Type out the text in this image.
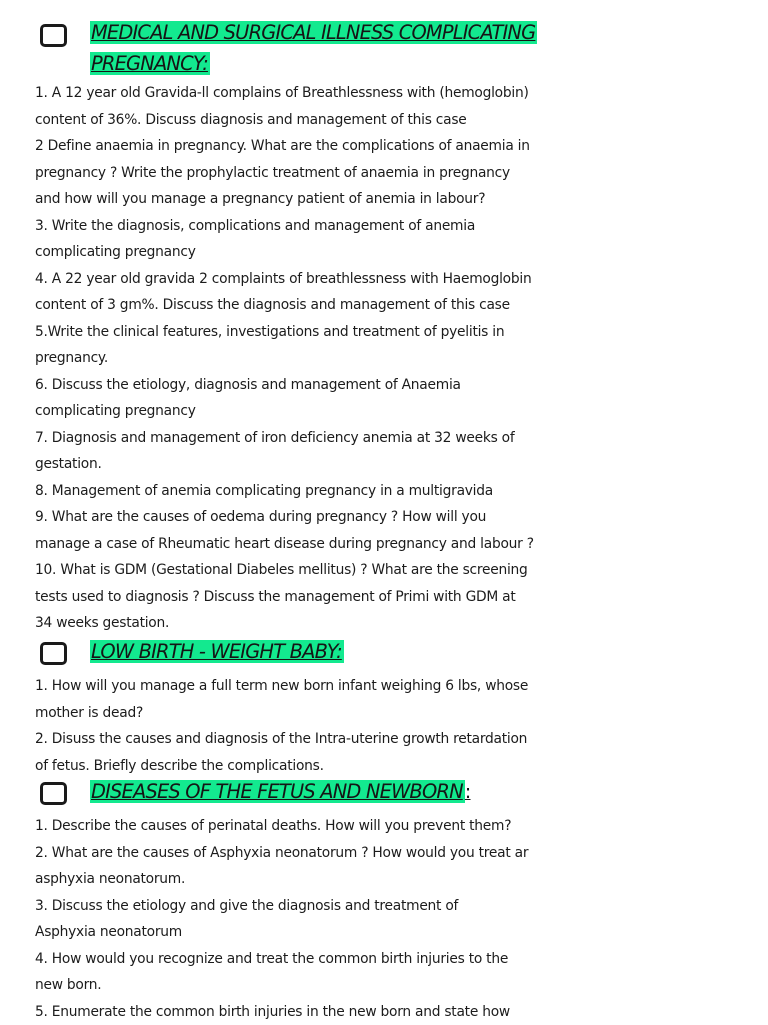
MEDICAL AND SURGICAL ILLNESS COMPLICATING
PREGNANCY:
1. A 12 year old Gravida-ll complains of Breathlessness with (hemoglobin)
content of 36%. Discuss diagnosis and management of this case
2 Define anaemia in pregnancy. What are the complications of anaemia in
pregnancy ? Write the prophylactic treatment of anaemia in pregnancy
and how will you manage a pregnancy patient of anemia in labour?
3. Write the diagnosis, complications and management of anemia
complicating pregnancy
4. A 22 year old gravida 2 complaints of breathlessness with Haemoglobin
content of 3 gm%. Discuss the diagnosis and management of this case
5.Write the clinical features, investigations and treatment of pyelitis in
pregnancy.
6. Discuss the etiology, diagnosis and management of Anaemia
complicating pregnancy
7. Diagnosis and management of iron deficiency anemia at 32 weeks of
gestation.
8. Management of anemia complicating pregnancy in a multigravida
9. What are the causes of oedema during pregnancy ? How will you
manage a case of Rheumatic heart disease during pregnancy and labour ?
10. What is GDM (Gestational Diabeles mellitus) ? What are the screening
tests used to diagnosis ? Discuss the management of Primi with GDM at
34 weeks gestation.
LOW BIRTH - WEIGHT BABY:
1. How will you manage a full term new born infant weighing 6 lbs, whose
mother is dead?
2. Disuss the causes and diagnosis of the Intra-uterine growth retardation
of fetus. Briefly describe the complications.
DISEASES OF THE FETUS AND NEWBORN :
1. Describe the causes of perinatal deaths. How will you prevent them?
2. What are the causes of Asphyxia neonatorum ? How would you treat ar
asphyxia neonatorum.
3. Discuss the etiology and give the diagnosis and treatment of
Asphyxia neonatorum
4. How would you recognize and treat the common birth injuries to the
new born.
5. Enumerate the common birth injuries in the new born and state how
